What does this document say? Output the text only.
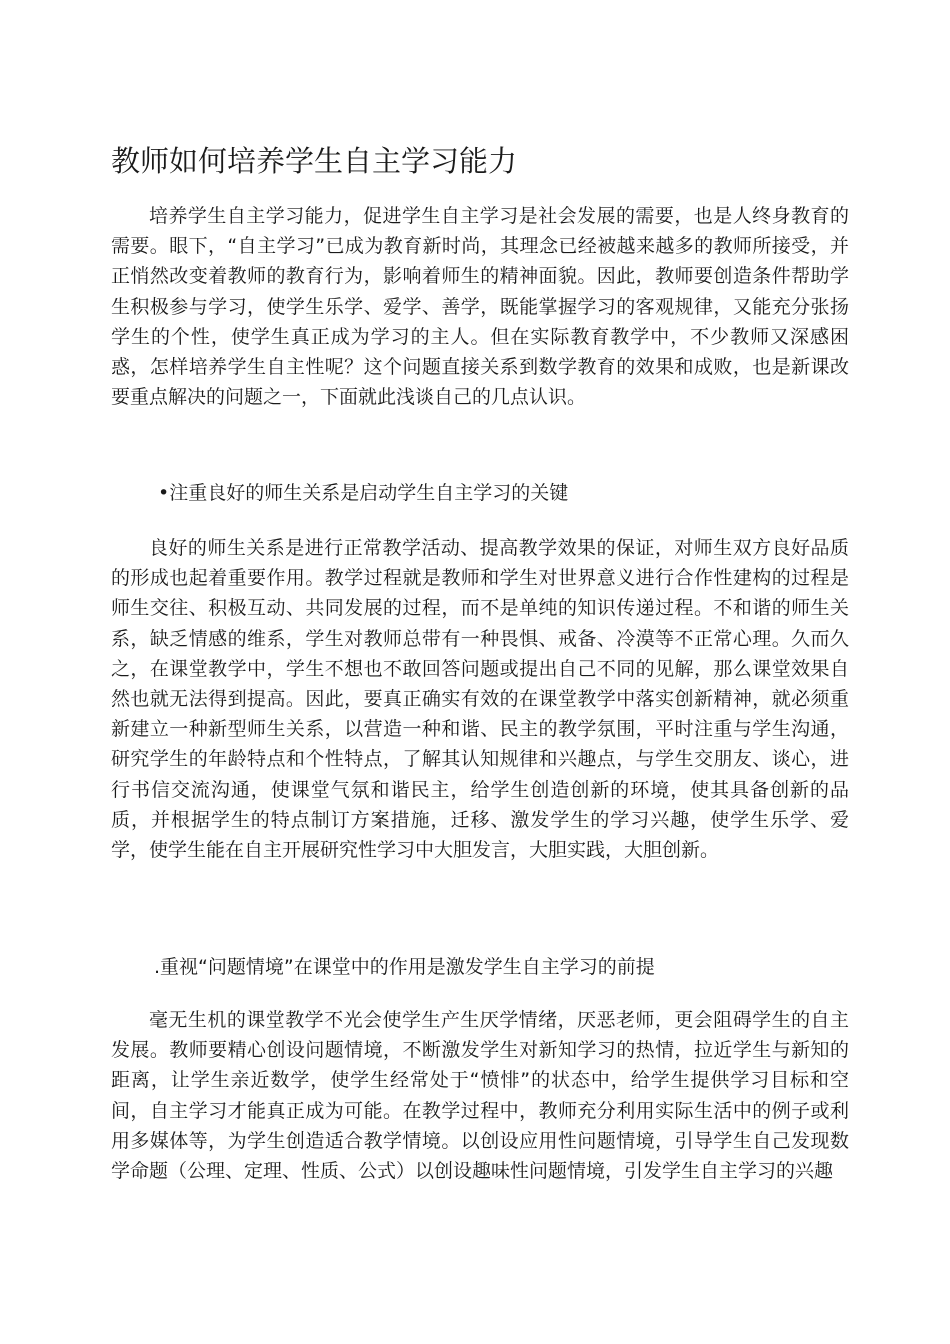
教师如何培养学生自主学习能力

培养学生自主学习能力，促进学生自主学习是社会发展的需要，也是人终身教育的需要。眼下，“自主学习”已成为教育新时尚，其理念已经被越来越多的教师所接受，并正悄然改变着教师的教育行为，影响着师生的精神面貌。因此，教师要创造条件帮助学生积极参与学习，使学生乐学、爱学、善学，既能掌握学习的客观规律，又能充分张扬学生的个性，使学生真正成为学习的主人。但在实际教育教学中，不少教师又深感困惑，怎样培养学生自主性呢？这个问题直接关系到数学教育的效果和成败，也是新课改要重点解决的问题之一，下面就此浅谈自己的几点认识。

•注重良好的师生关系是启动学生自主学习的关键

良好的师生关系是进行正常教学活动、提高教学效果的保证，对师生双方良好品质的形成也起着重要作用。教学过程就是教师和学生对世界意义进行合作性建构的过程是师生交往、积极互动、共同发展的过程，而不是单纯的知识传递过程。不和谐的师生关系，缺乏情感的维系，学生对教师总带有一种畏惧、戒备、冷漠等不正常心理。久而久之，在课堂教学中，学生不想也不敢回答问题或提出自己不同的见解，那么课堂效果自然也就无法得到提高。因此，要真正确实有效的在课堂教学中落实创新精神，就必须重新建立一种新型师生关系，以营造一种和谐、民主的教学氛围，平时注重与学生沟通，研究学生的年龄特点和个性特点，了解其认知规律和兴趣点，与学生交朋友、谈心，进行书信交流沟通，使课堂气氛和谐民主，给学生创造创新的环境，使其具备创新的品质，并根据学生的特点制订方案措施，迁移、激发学生的学习兴趣，使学生乐学、爱学，使学生能在自主开展研究性学习中大胆发言，大胆实践，大胆创新。

.重视“问题情境”在课堂中的作用是激发学生自主学习的前提

毫无生机的课堂教学不光会使学生产生厌学情绪，厌恶老师，更会阻碍学生的自主发展。教师要精心创设问题情境，不断激发学生对新知学习的热情，拉近学生与新知的距离，让学生亲近数学，使学生经常处于“愤悱”的状态中，给学生提供学习目标和空间，自主学习才能真正成为可能。在教学过程中，教师充分利用实际生活中的例子或利用多媒体等，为学生创造适合教学情境。以创设应用性问题情境，引导学生自己发现数学命题（公理、定理、性质、公式）以创设趣味性问题情境，引发学生自主学习的兴趣
